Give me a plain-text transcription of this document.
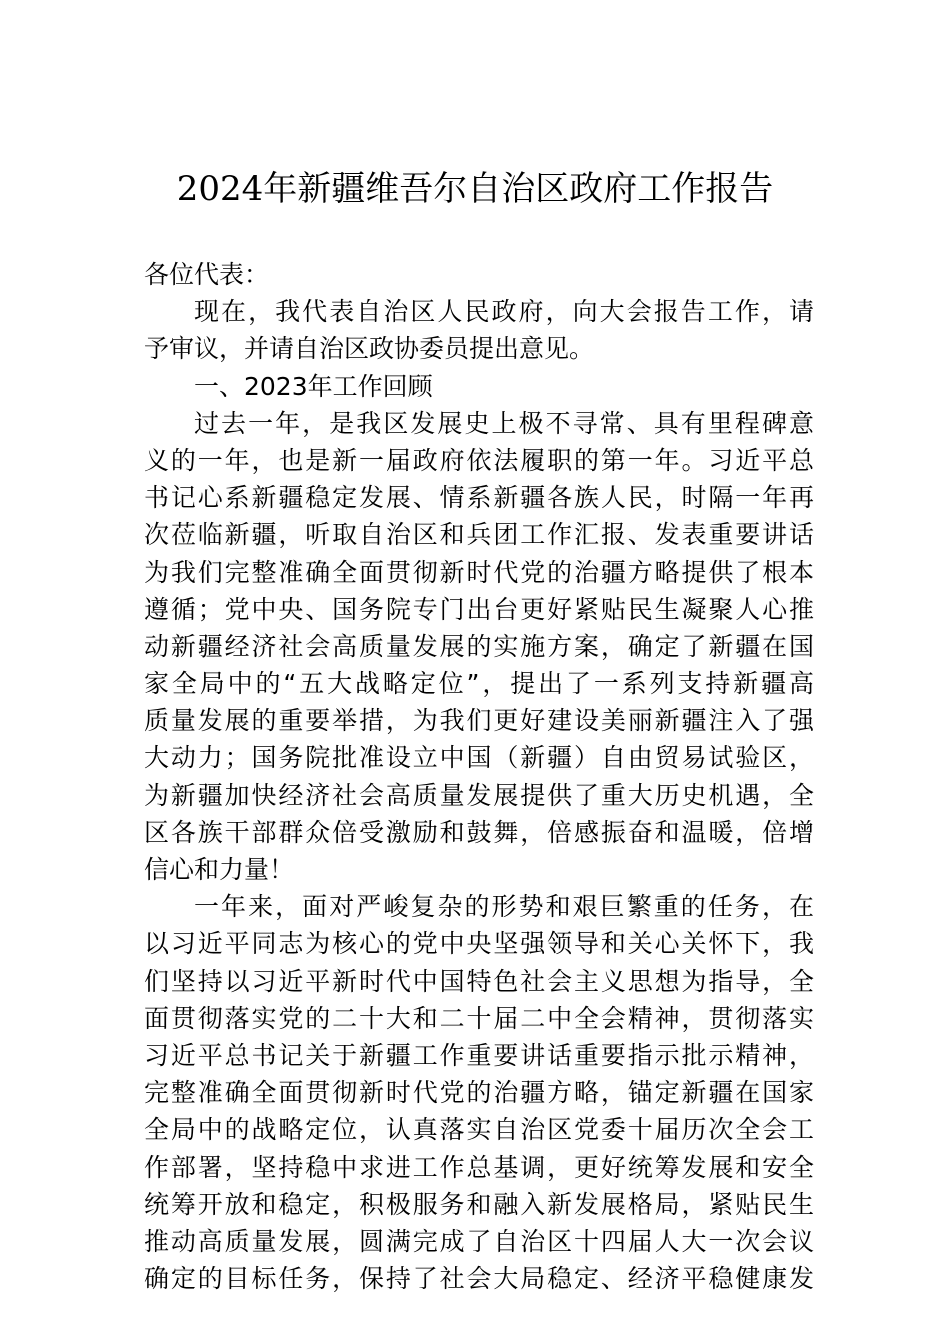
2024年新疆维吾尔自治区政府工作报告
各位代表：
现在，我代表自治区人民政府，向大会报告工作，请
予审议，并请自治区政协委员提出意见。
一、2023年工作回顾
过去一年，是我区发展史上极不寻常、具有里程碑意
义的一年，也是新一届政府依法履职的第一年。习近平总
书记心系新疆稳定发展、情系新疆各族人民，时隔一年再
次莅临新疆，听取自治区和兵团工作汇报、发表重要讲话
为我们完整准确全面贯彻新时代党的治疆方略提供了根本
遵循；党中央、国务院专门出台更好紧贴民生凝聚人心推
动新疆经济社会高质量发展的实施方案，确定了新疆在国
家全局中的“五大战略定位”，提出了一系列支持新疆高
质量发展的重要举措，为我们更好建设美丽新疆注入了强
大动力；国务院批准设立中国（新疆）自由贸易试验区，
为新疆加快经济社会高质量发展提供了重大历史机遇，全
区各族干部群众倍受激励和鼓舞，倍感振奋和温暖，倍增
信心和力量！
一年来，面对严峻复杂的形势和艰巨繁重的任务，在
以习近平同志为核心的党中央坚强领导和关心关怀下，我
们坚持以习近平新时代中国特色社会主义思想为指导，全
面贯彻落实党的二十大和二十届二中全会精神，贯彻落实
习近平总书记关于新疆工作重要讲话重要指示批示精神，
完整准确全面贯彻新时代党的治疆方略，锚定新疆在国家
全局中的战略定位，认真落实自治区党委十届历次全会工
作部署，坚持稳中求进工作总基调，更好统筹发展和安全
统筹开放和稳定，积极服务和融入新发展格局，紧贴民生
推动高质量发展，圆满完成了自治区十四届人大一次会议
确定的目标任务，保持了社会大局稳定、经济平稳健康发
